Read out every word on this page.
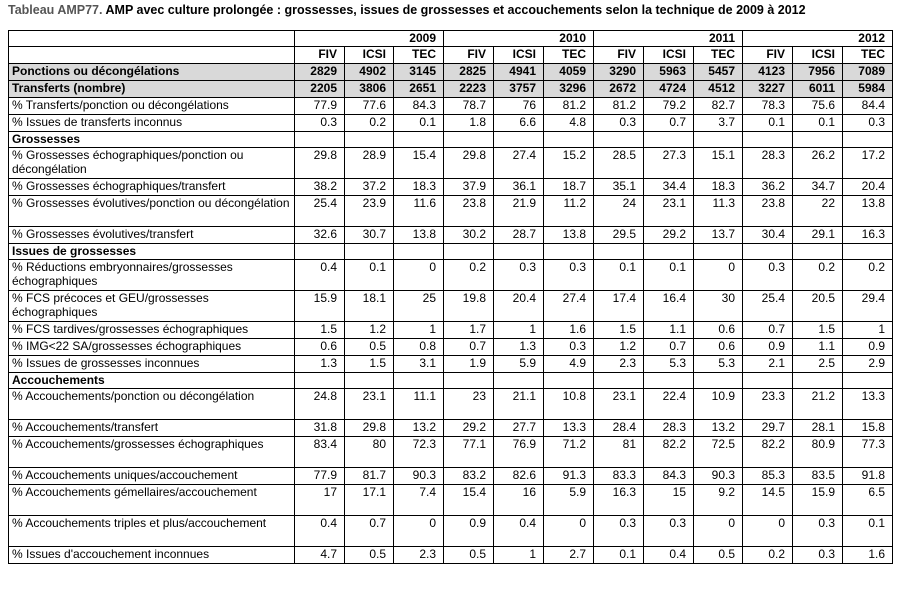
Tableau AMP77. AMP avec culture prolongée : grossesses, issues de grossesses et accouchements selon la technique de 2009 à 2012
	2009			2010			2011			2012		
	FIV	ICSI	TEC	FIV	ICSI	TEC	FIV	ICSI	TEC	FIV	ICSI	TEC
Ponctions ou décongélations	2829	4902	3145	2825	4941	4059	3290	5963	5457	4123	7956	7089
Transferts (nombre)	2205	3806	2651	2223	3757	3296	2672	4724	4512	3227	6011	5984
% Transferts/ponction ou décongélations	77.9	77.6	84.3	78.7	76	81.2	81.2	79.2	82.7	78.3	75.6	84.4
% Issues de transferts inconnus	0.3	0.2	0.1	1.8	6.6	4.8	0.3	0.7	3.7	0.1	0.1	0.3
Grossesses												
% Grossesses échographiques/ponction ou décongélation	29.8	28.9	15.4	29.8	27.4	15.2	28.5	27.3	15.1	28.3	26.2	17.2
% Grossesses échographiques/transfert	38.2	37.2	18.3	37.9	36.1	18.7	35.1	34.4	18.3	36.2	34.7	20.4
% Grossesses évolutives/ponction ou décongélation	25.4	23.9	11.6	23.8	21.9	11.2	24	23.1	11.3	23.8	22	13.8
% Grossesses évolutives/transfert	32.6	30.7	13.8	30.2	28.7	13.8	29.5	29.2	13.7	30.4	29.1	16.3
Issues de grossesses												
% Réductions embryonnaires/grossesses échographiques	0.4	0.1	0	0.2	0.3	0.3	0.1	0.1	0	0.3	0.2	0.2
% FCS précoces et GEU/grossesses échographiques	15.9	18.1	25	19.8	20.4	27.4	17.4	16.4	30	25.4	20.5	29.4
% FCS tardives/grossesses échographiques	1.5	1.2	1	1.7	1	1.6	1.5	1.1	0.6	0.7	1.5	1
% IMG<22 SA/grossesses échographiques	0.6	0.5	0.8	0.7	1.3	0.3	1.2	0.7	0.6	0.9	1.1	0.9
% Issues de grossesses inconnues	1.3	1.5	3.1	1.9	5.9	4.9	2.3	5.3	5.3	2.1	2.5	2.9
Accouchements												
% Accouchements/ponction ou décongélation	24.8	23.1	11.1	23	21.1	10.8	23.1	22.4	10.9	23.3	21.2	13.3
% Accouchements/transfert	31.8	29.8	13.2	29.2	27.7	13.3	28.4	28.3	13.2	29.7	28.1	15.8
% Accouchements/grossesses échographiques	83.4	80	72.3	77.1	76.9	71.2	81	82.2	72.5	82.2	80.9	77.3
% Accouchements uniques/accouchement	77.9	81.7	90.3	83.2	82.6	91.3	83.3	84.3	90.3	85.3	83.5	91.8
% Accouchements gémellaires/accouchement	17	17.1	7.4	15.4	16	5.9	16.3	15	9.2	14.5	15.9	6.5
% Accouchements triples et plus/accouchement	0.4	0.7	0	0.9	0.4	0	0.3	0.3	0	0	0.3	0.1
% Issues d'accouchement inconnues	4.7	0.5	2.3	0.5	1	2.7	0.1	0.4	0.5	0.2	0.3	1.6
